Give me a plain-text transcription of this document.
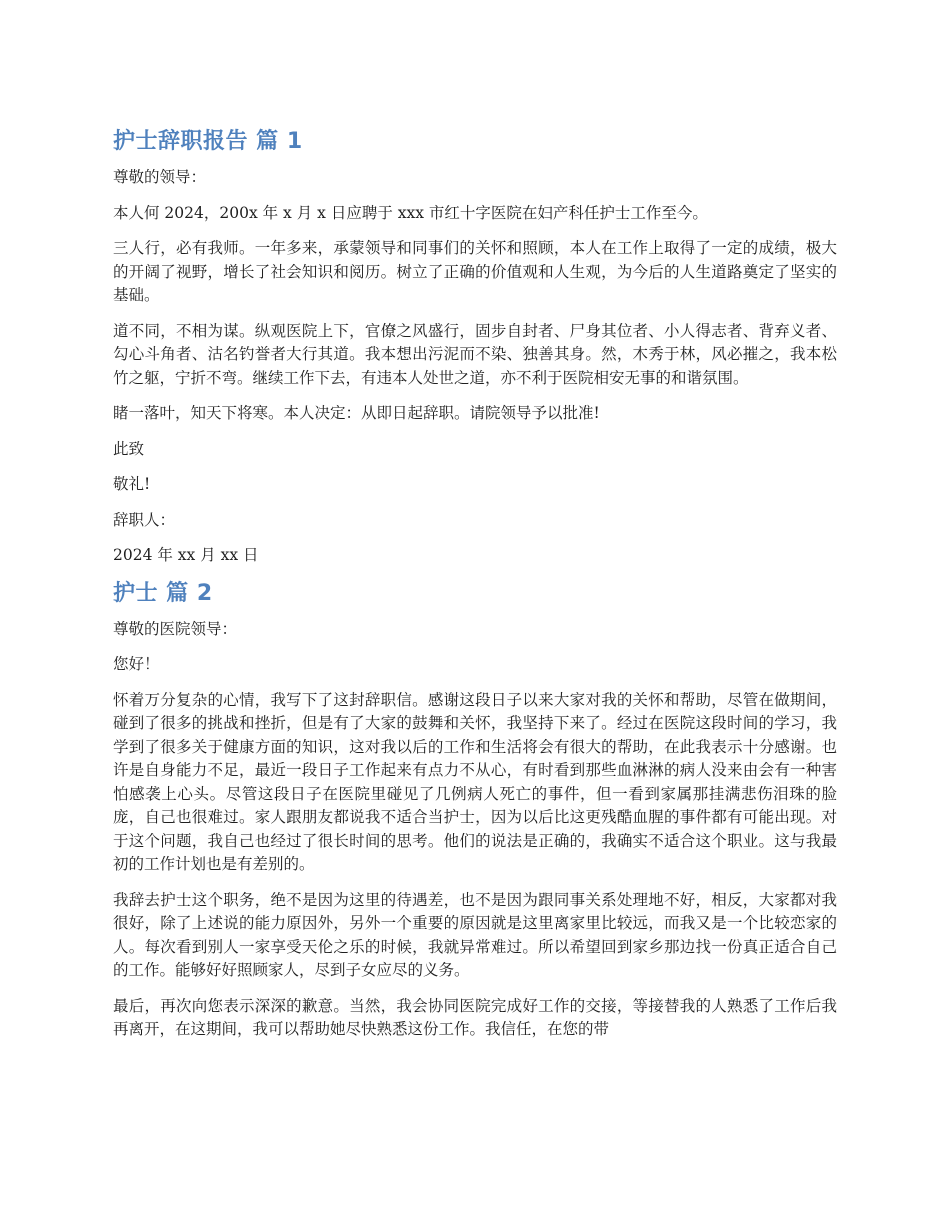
护士辞职报告 篇 1

尊敬的领导：

本人何 2024，200x 年 x 月 x 日应聘于 xxx 市红十字医院在妇产科任护士工作至今。

三人行，必有我师。一年多来，承蒙领导和同事们的关怀和照顾，本人在工作上取得了一定的成绩，极大的开阔了视野，增长了社会知识和阅历。树立了正确的价值观和人生观，为今后的人生道路奠定了坚实的基础。

道不同，不相为谋。纵观医院上下，官僚之风盛行，固步自封者、尸身其位者、小人得志者、背弃义者、勾心斗角者、沽名钓誉者大行其道。我本想出污泥而不染、独善其身。然，木秀于林，风必摧之，我本松竹之躯，宁折不弯。继续工作下去，有违本人处世之道，亦不利于医院相安无事的和谐氛围。

睹一落叶，知天下将寒。本人决定：从即日起辞职。请院领导予以批准!

此致

敬礼!

辞职人：

2024 年 xx 月 xx 日

护士 篇 2

尊敬的医院领导：

您好！

怀着万分复杂的心情，我写下了这封辞职信。感谢这段日子以来大家对我的关怀和帮助，尽管在做期间，碰到了很多的挑战和挫折，但是有了大家的鼓舞和关怀，我坚持下来了。经过在医院这段时间的学习，我学到了很多关于健康方面的知识，这对我以后的工作和生活将会有很大的帮助，在此我表示十分感谢。也许是自身能力不足，最近一段日子工作起来有点力不从心，有时看到那些血淋淋的病人没来由会有一种害怕感袭上心头。尽管这段日子在医院里碰见了几例病人死亡的事件，但一看到家属那挂满悲伤泪珠的脸庞，自己也很难过。家人跟朋友都说我不适合当护士，因为以后比这更残酷血腥的事件都有可能出现。对于这个问题，我自己也经过了很长时间的思考。他们的说法是正确的，我确实不适合这个职业。这与我最初的工作计划也是有差别的。

我辞去护士这个职务，绝不是因为这里的待遇差，也不是因为跟同事关系处理地不好，相反，大家都对我很好，除了上述说的能力原因外，另外一个重要的原因就是这里离家里比较远，而我又是一个比较恋家的人。每次看到别人一家享受天伦之乐的时候，我就异常难过。所以希望回到家乡那边找一份真正适合自己的工作。能够好好照顾家人，尽到子女应尽的义务。

最后，再次向您表示深深的歉意。当然，我会协同医院完成好工作的交接，等接替我的人熟悉了工作后我再离开，在这期间，我可以帮助她尽快熟悉这份工作。我信任，在您的带
